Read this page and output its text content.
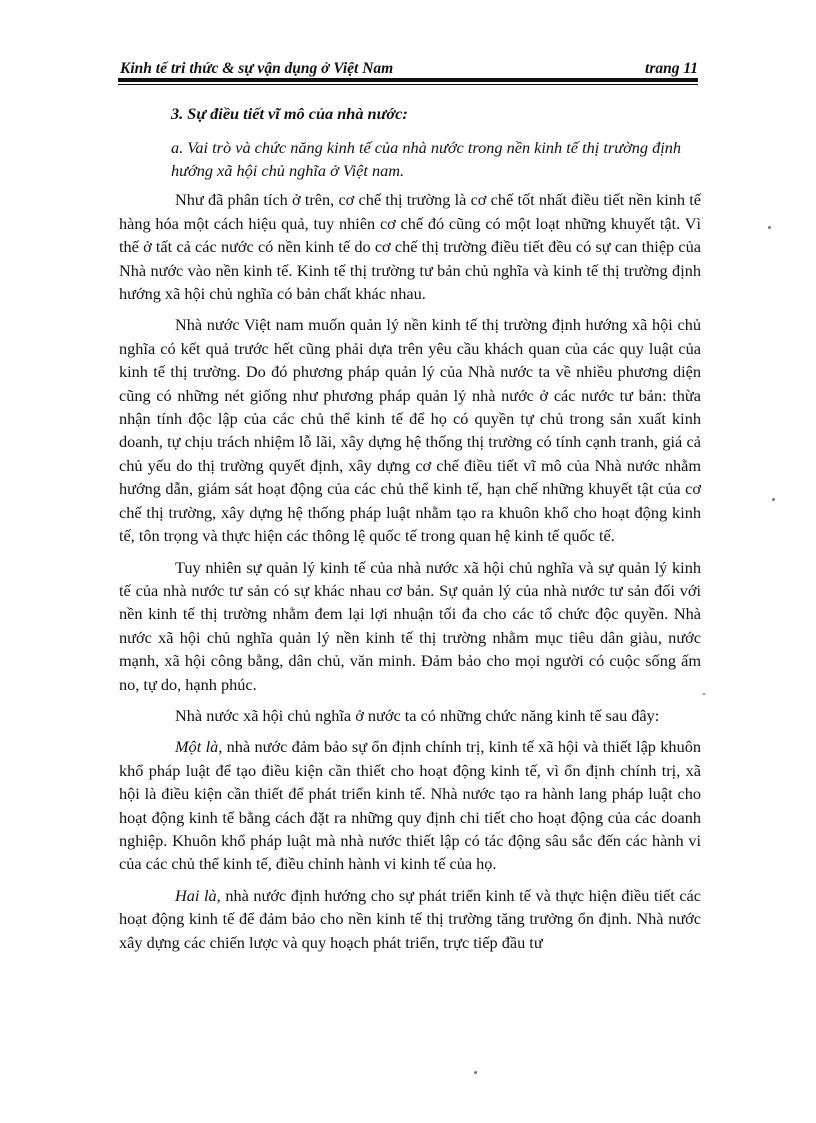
Kinh tế tri thức & sự vận dụng ở Việt Nam	trang 11
3. Sự điều tiết vĩ mô của nhà nước:
a. Vai trò và chức năng kinh tế của nhà nước trong nền kinh tế thị trường định hướng xã hội chủ nghĩa ở Việt nam.

Như đã phân tích ở trên, cơ chế thị trường là cơ chế tốt nhất điều tiết nền kinh tế hàng hóa một cách hiệu quả, tuy nhiên cơ chế đó cũng có một loạt những khuyết tật. Vì thế ở tất cả các nước có nền kinh tế do cơ chế thị trường điều tiết đều có sự can thiệp của Nhà nước vào nền kinh tế. Kinh tế thị trường tư bản chủ nghĩa và kinh tế thị trường định hướng xã hội chủ nghĩa có bản chất khác nhau.

Nhà nước Việt nam muốn quản lý nền kinh tế thị trường định hướng xã hội chủ nghĩa có kết quả trước hết cũng phải dựa trên yêu cầu khách quan của các quy luật của kinh tế thị trường. Do đó phương pháp quản lý của Nhà nước ta về nhiều phương diện cũng có những nét giống như phương pháp quản lý nhà nước ở các nước tư bản: thừa nhận tính độc lập của các chủ thể kinh tế để họ có quyền tự chủ trong sản xuất kinh doanh, tự chịu trách nhiệm lỗ lãi, xây dựng hệ thống thị trường có tính cạnh tranh, giá cả chủ yếu do thị trường quyết định, xây dựng cơ chế điều tiết vĩ mô của Nhà nước nhằm hướng dẫn, giám sát hoạt động của các chủ thể kinh tế, hạn chế những khuyết tật của cơ chế thị trường, xây dựng hệ thống pháp luật nhằm tạo ra khuôn khổ cho hoạt động kinh tế, tôn trọng và thực hiện các thông lệ quốc tế trong quan hệ kinh tế quốc tế.

Tuy nhiên sự quản lý kinh tế của nhà nước xã hội chủ nghĩa và sự quản lý kinh tế của nhà nước tư sản có sự khác nhau cơ bản. Sự quản lý của nhà nước tư sản đối với nền kinh tế thị trường nhằm đem lại lợi nhuận tối đa cho các tổ chức độc quyền. Nhà nước xã hội chủ nghĩa quản lý nền kinh tế thị trường nhằm mục tiêu dân giàu, nước mạnh, xã hội công bằng, dân chủ, văn minh. Đảm bảo cho mọi người có cuộc sống ấm no, tự do, hạnh phúc.

Nhà nước xã hội chủ nghĩa ở nước ta có những chức năng kinh tế sau đây:

Một là, nhà nước đảm bảo sự ổn định chính trị, kinh tế xã hội và thiết lập khuôn khổ pháp luật để tạo điều kiện cần thiết cho hoạt động kinh tế, vì ổn định chính trị, xã hội là điều kiện cần thiết để phát triển kinh tế. Nhà nước tạo ra hành lang pháp luật cho hoạt động kinh tế bằng cách đặt ra những quy định chi tiết cho hoạt động của các doanh nghiệp. Khuôn khổ pháp luật mà nhà nước thiết lập có tác động sâu sắc đến các hành vi của các chủ thể kinh tế, điều chỉnh hành vi kinh tế của họ.

Hai là, nhà nước định hướng cho sự phát triển kinh tế và thực hiện điều tiết các hoạt động kinh tế để đảm bảo cho nền kinh tế thị trường tăng trưởng ổn định. Nhà nước xây dựng các chiến lược và quy hoạch phát triển, trực tiếp đầu tư
